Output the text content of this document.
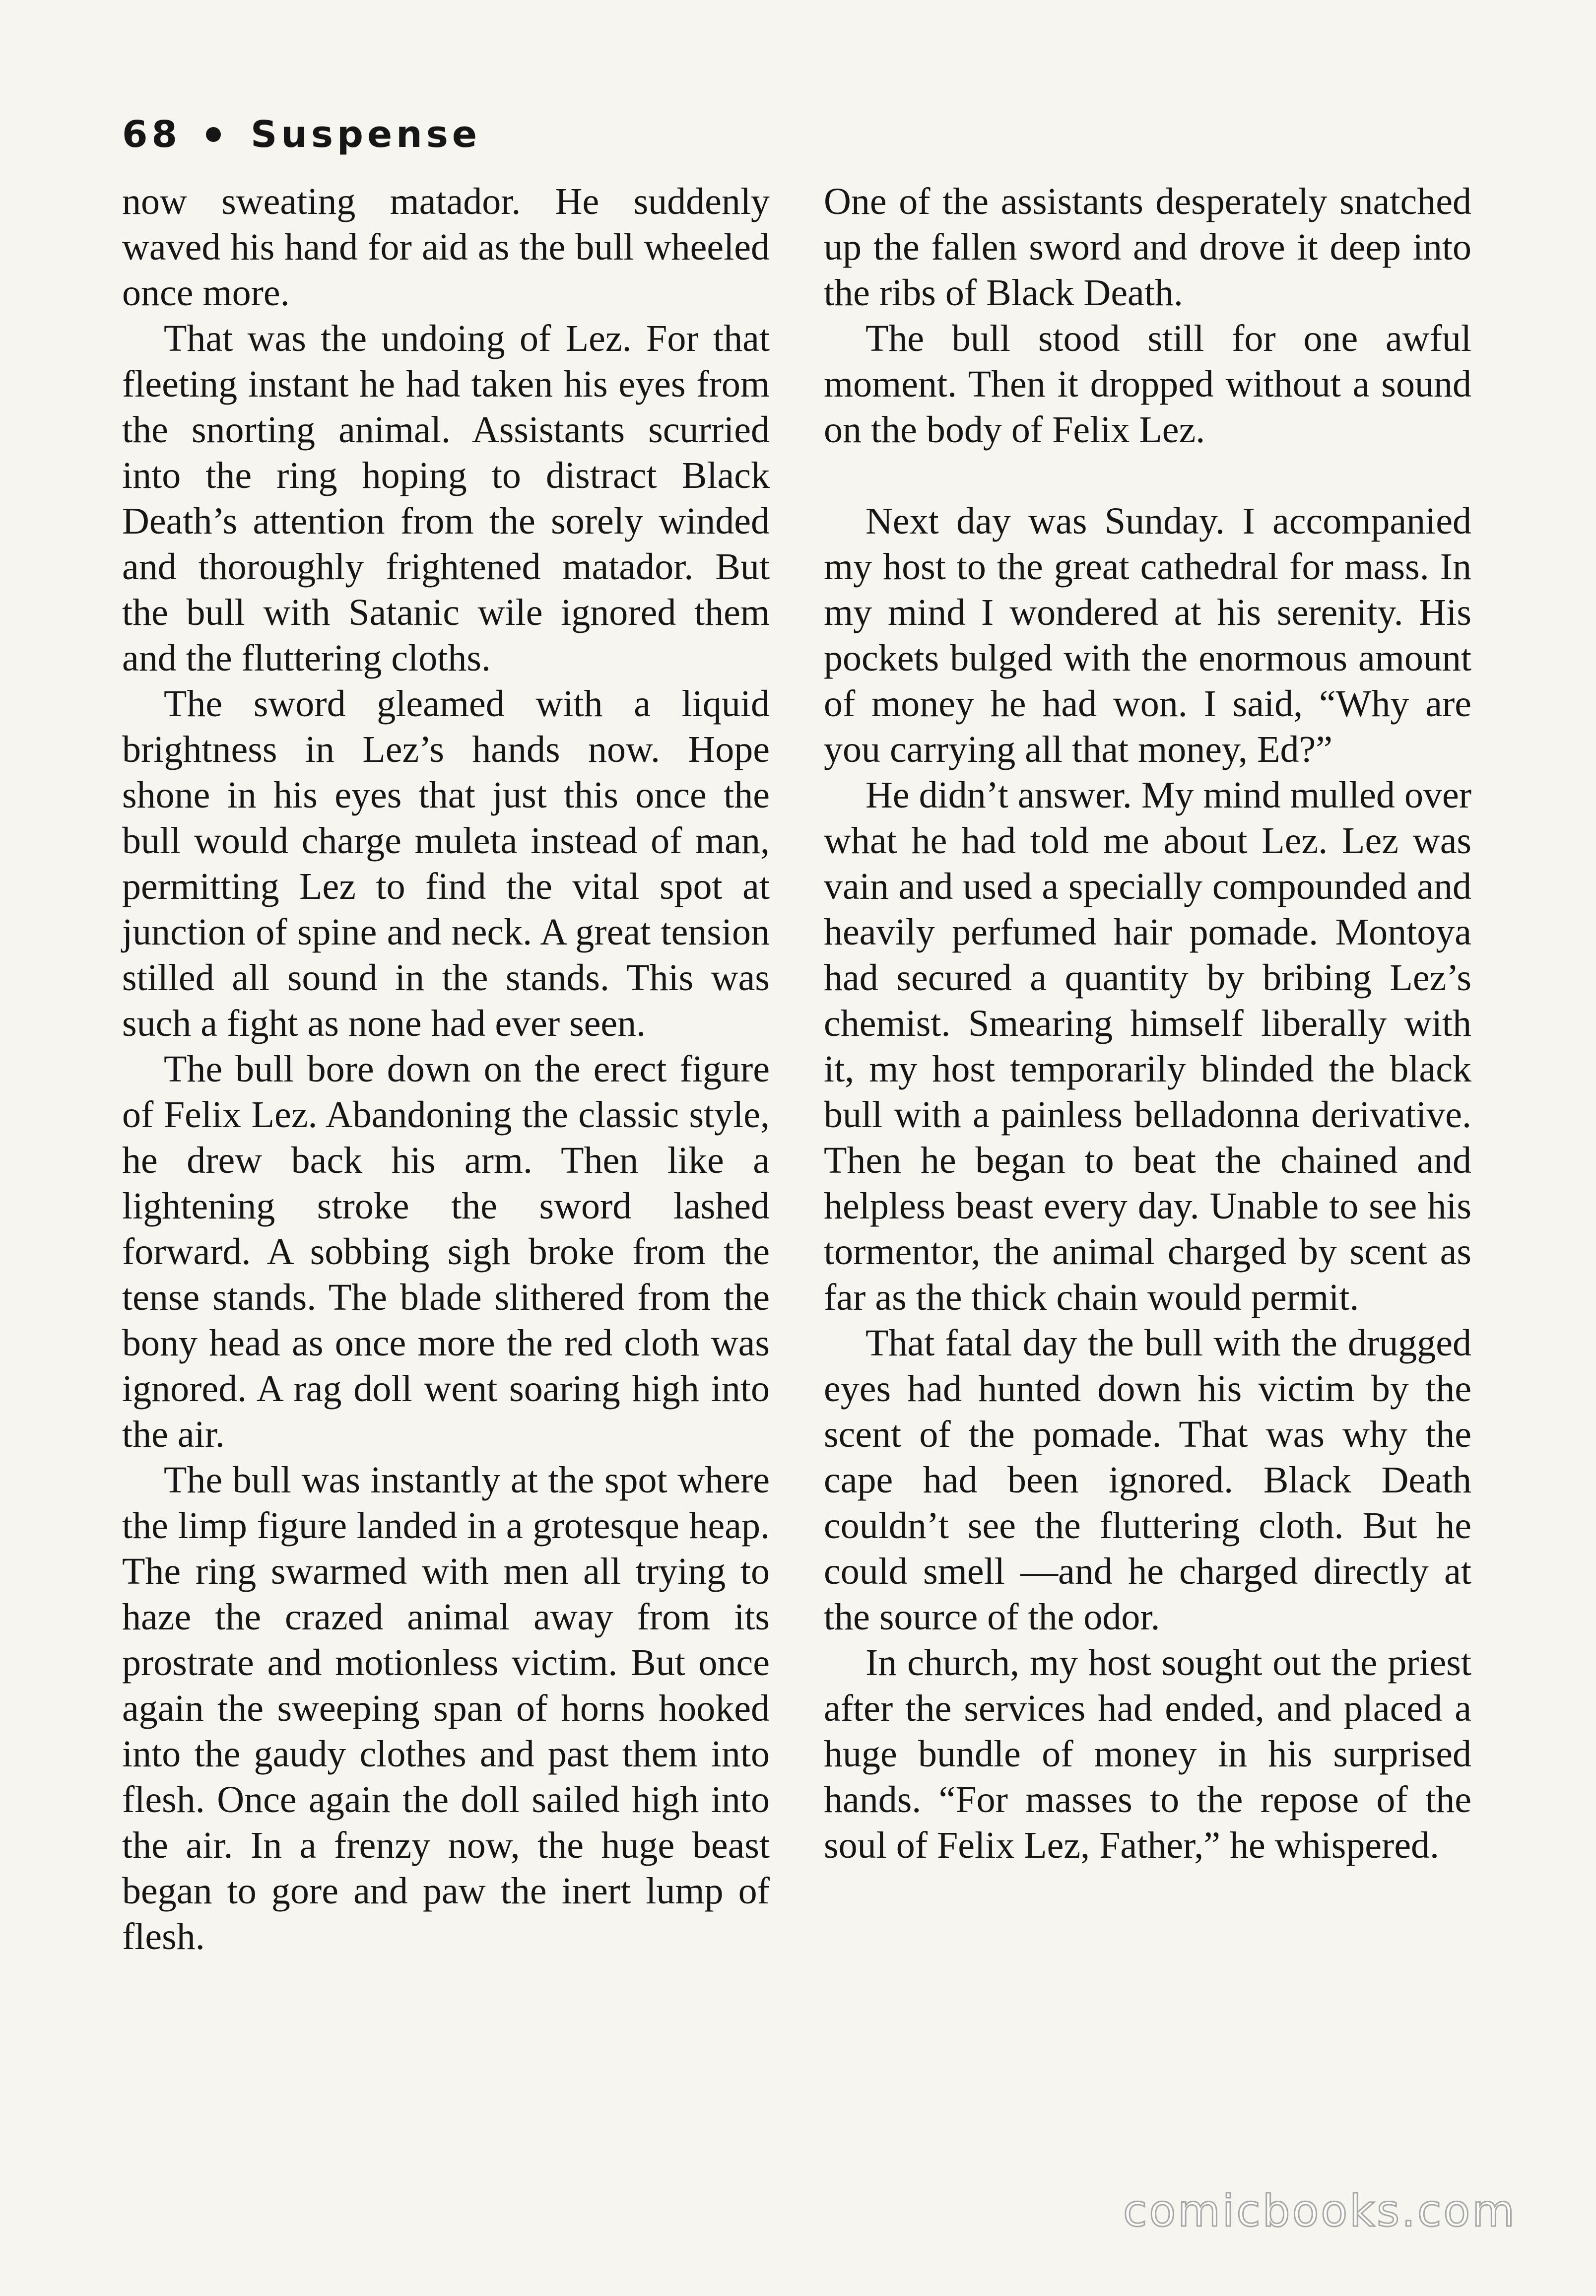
68 Suspense

now sweating matador. He suddenly waved his hand for aid as the bull wheeled once more.

That was the undoing of Lez. For that fleeting instant he had taken his eyes from the snorting animal. Assistants scurried into the ring hoping to distract Black Death’s attention from the sorely winded and thoroughly frightened matador. But the bull with Satanic wile ignored them and the fluttering cloths.

The sword gleamed with a liquid brightness in Lez’s hands now. Hope shone in his eyes that just this once the bull would charge muleta instead of man, permitting Lez to find the vital spot at junction of spine and neck. A great tension stilled all sound in the stands. This was such a fight as none had ever seen.

The bull bore down on the erect figure of Felix Lez. Abandoning the classic style, he drew back his arm. Then like a lightening stroke the sword lashed forward. A sobbing sigh broke from the tense stands. The blade slithered from the bony head as once more the red cloth was ignored. A rag doll went soaring high into the air.

The bull was instantly at the spot where the limp figure landed in a grotesque heap. The ring swarmed with men all trying to haze the crazed animal away from its prostrate and motionless victim. But once again the sweeping span of horns hooked into the gaudy clothes and past them into flesh. Once again the doll sailed high into the air. In a frenzy now, the huge beast began to gore and paw the inert lump of flesh.

One of the assistants desperately snatched up the fallen sword and drove it deep into the ribs of Black Death.

The bull stood still for one awful moment. Then it dropped without a sound on the body of Felix Lez.

Next day was Sunday. I accompanied my host to the great cathedral for mass. In my mind I wondered at his serenity. His pockets bulged with the enormous amount of money he had won. I said, “Why are you carrying all that money, Ed?”

He didn’t answer. My mind mulled over what he had told me about Lez. Lez was vain and used a specially compounded and heavily perfumed hair pomade. Montoya had secured a quantity by bribing Lez’s chemist. Smearing himself liberally with it, my host temporarily blinded the black bull with a painless belladonna derivative. Then he began to beat the chained and helpless beast every day. Unable to see his tormentor, the animal charged by scent as far as the thick chain would permit.

That fatal day the bull with the drugged eyes had hunted down his victim by the scent of the pomade. That was why the cape had been ignored. Black Death couldn’t see the fluttering cloth. But he could smell —and he charged directly at the source of the odor.

In church, my host sought out the priest after the services had ended, and placed a huge bundle of money in his surprised hands. “For masses to the repose of the soul of Felix Lez, Father,” he whispered.

comicbooks.com
